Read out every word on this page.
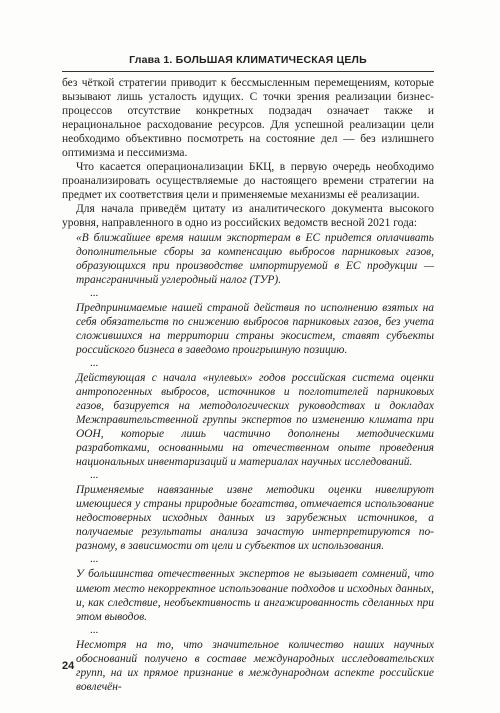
Глава 1. БОЛЬШАЯ КЛИМАТИЧЕСКАЯ ЦЕЛЬ

без чёткой стратегии приводит к бессмысленным перемещениям, которые вызывают лишь усталость идущих. С точки зрения реализации бизнес-процессов отсутствие конкретных подзадач означает также и нерациональное расходование ресурсов. Для успешной реализации цели необходимо объективно посмотреть на состояние дел — без излишнего оптимизма и пессимизма.

Что касается операционализации БКЦ, в первую очередь необходимо проанализировать осуществляемые до настоящего времени стратегии на предмет их соответствия цели и применяемые механизмы её реализации.

Для начала приведём цитату из аналитического документа высокого уровня, направленного в одно из российских ведомств весной 2021 года:

«В ближайшее время нашим экспортерам в ЕС придется оплачивать дополнительные сборы за компенсацию выбросов парниковых газов, образующихся при производстве импортируемой в ЕС продукции — трансграничный углеродный налог (ТУР).

...

Предпринимаемые нашей страной действия по исполнению взятых на себя обязательств по снижению выбросов парниковых газов, без учета сложившихся на территории страны экосистем, ставят субъекты российского бизнеса в заведомо проигрышную позицию.

...

Действующая с начала «нулевых» годов российская система оценки антропогенных выбросов, источников и поглотителей парниковых газов, базируется на методологических руководствах и докладах Межправительственной группы экспертов по изменению климата при ООН, которые лишь частично дополнены методическими разработками, основанными на отечественном опыте проведения национальных инвентаризаций и материалах научных исследований.

...

Применяемые навязанные извне методики оценки нивелируют имеющиеся у страны природные богатства, отмечается использование недостоверных исходных данных из зарубежных источников, а получаемые результаты анализа зачастую интерпретируются по-разному, в зависимости от цели и субъектов их использования.

...

У большинства отечественных экспертов не вызывает сомнений, что имеют место некорректное использование подходов и исходных данных, и, как следствие, необъективность и ангажированность сделанных при этом выводов.

...

Несмотря на то, что значительное количество наших научных обоснований получено в составе международных исследовательских групп, на их прямое признание в международном аспекте российские вовлечён-

24
